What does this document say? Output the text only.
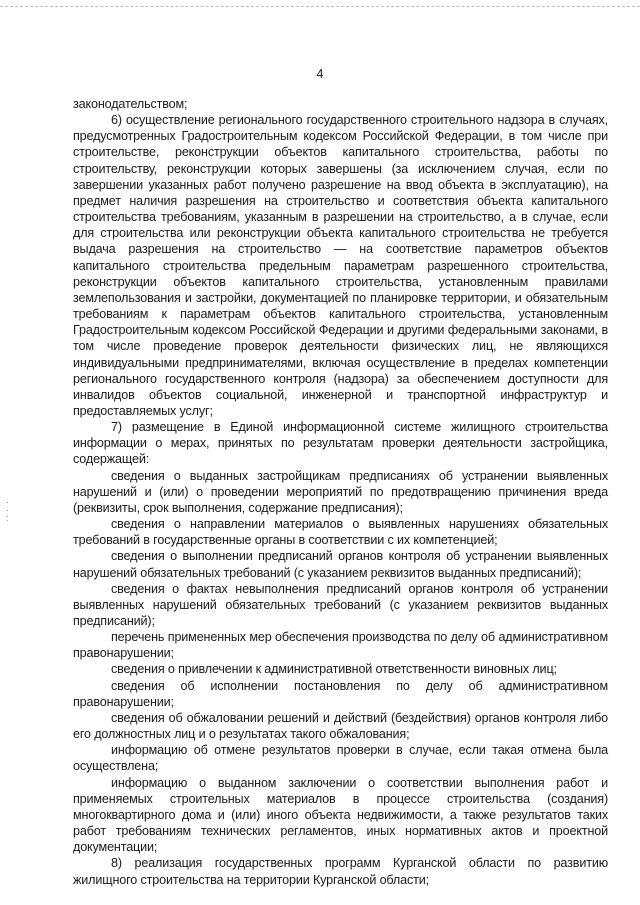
4
·
·
:

законодательством;

6) осуществление регионального государственного строительного надзора в случаях, предусмотренных Градостроительным кодексом Российской Федерации, в том числе при строительстве, реконструкции объектов капитального строительства, работы по строительству, реконструкции которых завершены (за исключением случая, если по завершении указанных работ получено разрешение на ввод объекта в эксплуатацию), на предмет наличия разрешения на строительство и соответствия объекта капитального строительства требованиям, указанным в разрешении на строительство, а в случае, если для строительства или реконструкции объекта капитального строительства не требуется выдача разрешения на строительство — на соответствие параметров объектов капитального строительства предельным параметрам разрешенного строительства, реконструкции объектов капитального строительства, установленным правилами землепользования и застройки, документацией по планировке территории, и обязательным требованиям к параметрам объектов капитального строительства, установленным Градостроительным кодексом Российской Федерации и другими федеральными законами, в том числе проведение проверок деятельности физических лиц, не являющихся индивидуальными предпринимателями, включая осуществление в пределах компетенции регионального государственного контроля (надзора) за обеспечением доступности для инвалидов объектов социальной, инженерной и транспортной инфраструктур и предоставляемых услуг;

7) размещение в Единой информационной системе жилищного строительства информации о мерах, принятых по результатам проверки деятельности застройщика, содержащей:

сведения о выданных застройщикам предписаниях об устранении выявленных нарушений и (или) о проведении мероприятий по предотвращению причинения вреда (реквизиты, срок выполнения, содержание предписания);

сведения о направлении материалов о выявленных нарушениях обязательных требований в государственные органы в соответствии с их компетенцией;

сведения о выполнении предписаний органов контроля об устранении выявленных нарушений обязательных требований (с указанием реквизитов выданных предписаний);

сведения о фактах невыполнения предписаний органов контроля об устранении выявленных нарушений обязательных требований (с указанием реквизитов выданных предписаний);

перечень примененных мер обеспечения производства по делу об административном правонарушении;

сведения о привлечении к административной ответственности виновных лиц;

сведения об исполнении постановления по делу об административном правонарушении;

сведения об обжаловании решений и действий (бездействия) органов контроля либо его должностных лиц и о результатах такого обжалования;

информацию об отмене результатов проверки в случае, если такая отмена была осуществлена;

информацию о выданном заключении о соответствии выполнения работ и применяемых строительных материалов в процессе строительства (создания) многоквартирного дома и (или) иного объекта недвижимости, а также результатов таких работ требованиям технических регламентов, иных нормативных актов и проектной документации;

8) реализация государственных программ Курганской области по развитию жилищного строительства на территории Курганской области;
